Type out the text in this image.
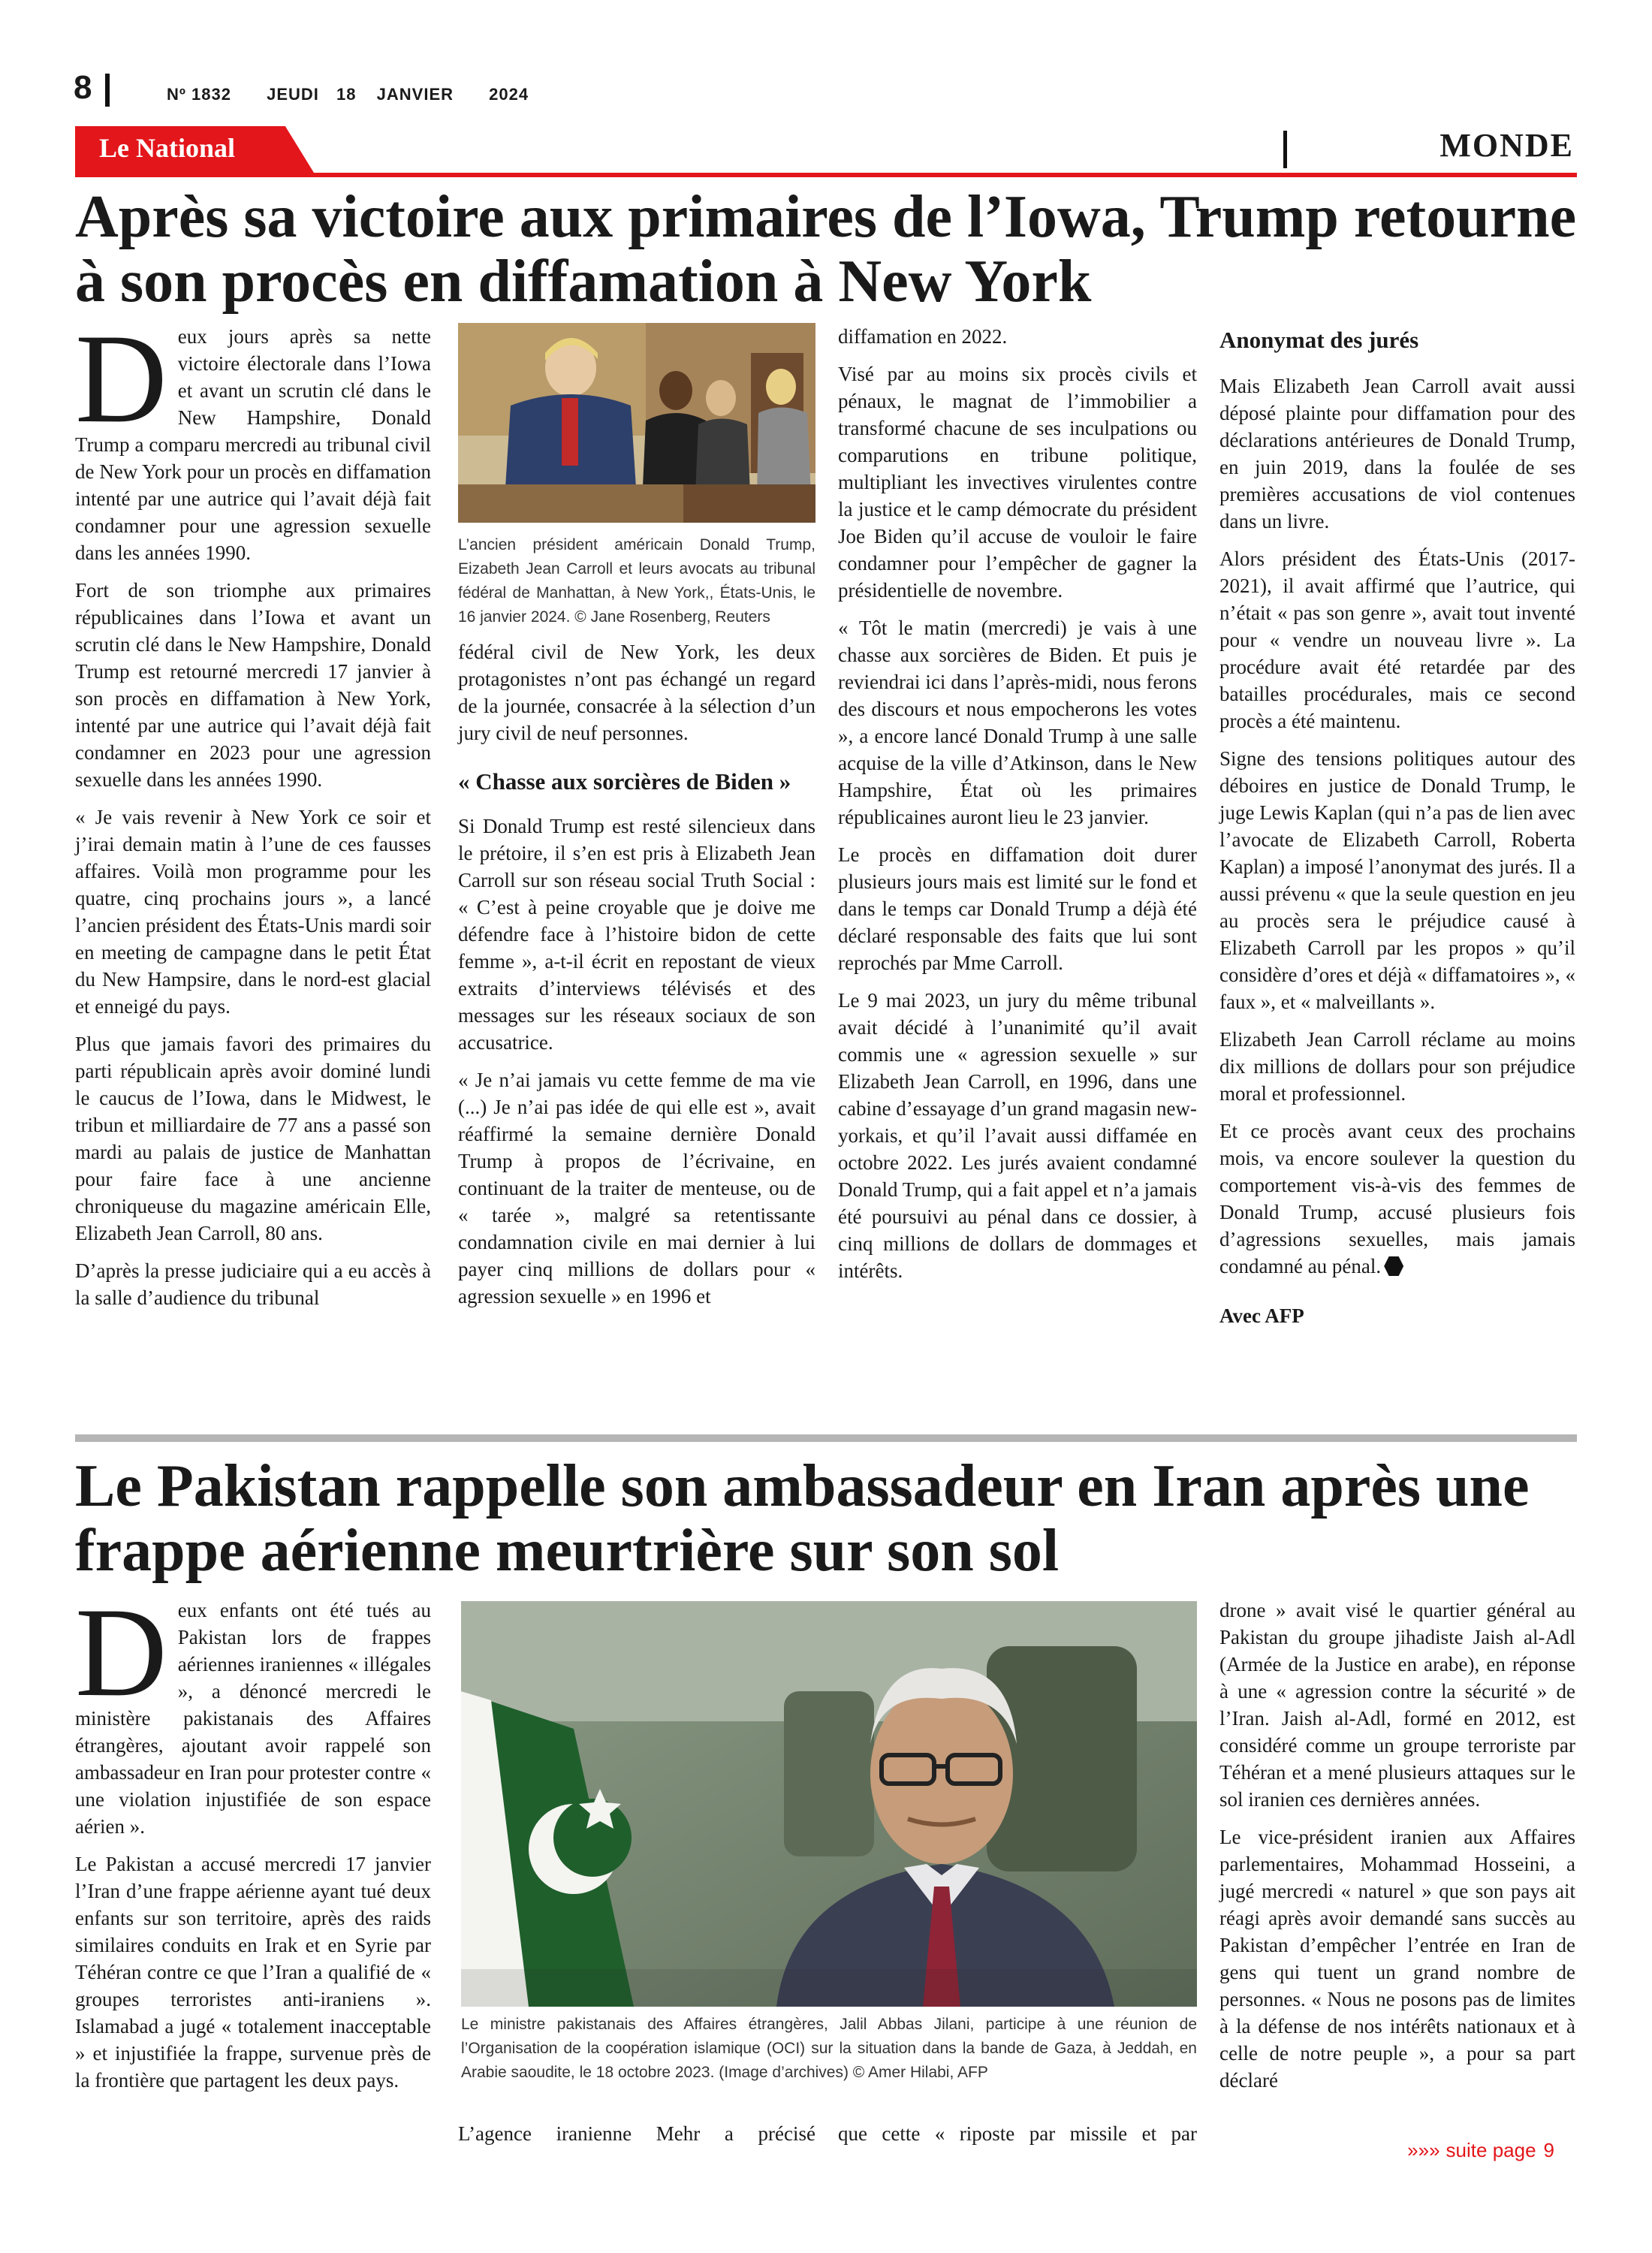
8	Nº 1832 JEUDI 18 JANVIER 2024
Le National	MONDE
Après sa victoire aux primaires de l’Iowa, Trump retourne à son procès en diffamation à New York

Deux jours après sa nette victoire électorale dans l’Iowa et avant un scrutin clé dans le New Hampshire, Donald Trump a comparu mercredi au tribunal civil de New York pour un procès en diffamation intenté par une autrice qui l’avait déjà fait condamner pour une agression sexuelle dans les années 1990.

Fort de son triomphe aux primaires républicaines dans l’Iowa et avant un scrutin clé dans le New Hampshire, Donald Trump est retourné mercredi 17 janvier à son procès en diffamation à New York, intenté par une autrice qui l’avait déjà fait condamner en 2023 pour une agression sexuelle dans les années 1990.

« Je vais revenir à New York ce soir et j’irai demain matin à l’une de ces fausses affaires. Voilà mon programme pour les quatre, cinq prochains jours », a lancé l’ancien président des États-Unis mardi soir en meeting de campagne dans le petit État du New Hampsire, dans le nord-est glacial et enneigé du pays.

Plus que jamais favori des primaires du parti républicain après avoir dominé lundi le caucus de l’Iowa, dans le Midwest, le tribun et milliardaire de 77 ans a passé son mardi au palais de justice de Manhattan pour faire face à une ancienne chroniqueuse du magazine américain Elle, Elizabeth Jean Carroll, 80 ans.

D’après la presse judiciaire qui a eu accès à la salle d’audience du tribunal

L’ancien président américain Donald Trump, Eizabeth Jean Carroll et leurs avocats au tribunal fédéral de Manhattan, à New York,, États-Unis, le 16 janvier 2024. © Jane Rosenberg, Reuters

fédéral civil de New York, les deux protagonistes n’ont pas échangé un regard de la journée, consacrée à la sélection d’un jury civil de neuf personnes.

« Chasse aux sorcières de Biden »

Si Donald Trump est resté silencieux dans le prétoire, il s’en est pris à Elizabeth Jean Carroll sur son réseau social Truth Social : « C’est à peine croyable que je doive me défendre face à l’histoire bidon de cette femme », a-t-il écrit en repostant de vieux extraits d’interviews télévisés et des messages sur les réseaux sociaux de son accusatrice.

« Je n’ai jamais vu cette femme de ma vie (...) Je n’ai pas idée de qui elle est », avait réaffirmé la semaine dernière Donald Trump à propos de l’écrivaine, en continuant de la traiter de menteuse, ou de « tarée », malgré sa retentissante condamnation civile en mai dernier à lui payer cinq millions de dollars pour « agression sexuelle » en 1996 et

diffamation en 2022.

Visé par au moins six procès civils et pénaux, le magnat de l’immobilier a transformé chacune de ses inculpations ou comparutions en tribune politique, multipliant les invectives virulentes contre la justice et le camp démocrate du président Joe Biden qu’il accuse de vouloir le faire condamner pour l’empêcher de gagner la présidentielle de novembre.

« Tôt le matin (mercredi) je vais à une chasse aux sorcières de Biden. Et puis je reviendrai ici dans l’après-midi, nous ferons des discours et nous empocherons les votes », a encore lancé Donald Trump à une salle acquise de la ville d’Atkinson, dans le New Hampshire, État où les primaires républicaines auront lieu le 23 janvier.

Le procès en diffamation doit durer plusieurs jours mais est limité sur le fond et dans le temps car Donald Trump a déjà été déclaré responsable des faits que lui sont reprochés par Mme Carroll.

Le 9 mai 2023, un jury du même tribunal avait décidé à l’unanimité qu’il avait commis une « agression sexuelle » sur Elizabeth Jean Carroll, en 1996, dans une cabine d’essayage d’un grand magasin new-yorkais, et qu’il l’avait aussi diffamée en octobre 2022. Les jurés avaient condamné Donald Trump, qui a fait appel et n’a jamais été poursuivi au pénal dans ce dossier, à cinq millions de dollars de dommages et intérêts.

Anonymat des jurés

Mais Elizabeth Jean Carroll avait aussi déposé plainte pour diffamation pour des déclarations antérieures de Donald Trump, en juin 2019, dans la foulée de ses premières accusations de viol contenues dans un livre.

Alors président des États-Unis (2017-2021), il avait affirmé que l’autrice, qui n’était « pas son genre », avait tout inventé pour « vendre un nouveau livre ». La procédure avait été retardée par des batailles procédurales, mais ce second procès a été maintenu.

Signe des tensions politiques autour des déboires en justice de Donald Trump, le juge Lewis Kaplan (qui n’a pas de lien avec l’avocate de Elizabeth Carroll, Roberta Kaplan) a imposé l’anonymat des jurés. Il a aussi prévenu « que la seule question en jeu au procès sera le préjudice causé à Elizabeth Carroll par les propos » qu’il considère d’ores et déjà « diffamatoires », « faux », et « malveillants ».

Elizabeth Jean Carroll réclame au moins dix millions de dollars pour son préjudice moral et professionnel.

Et ce procès avant ceux des prochains mois, va encore soulever la question du comportement vis-à-vis des femmes de Donald Trump, accusé plusieurs fois d’agressions sexuelles, mais jamais condamné au pénal.

Avec AFP

Le Pakistan rappelle son ambassadeur en Iran après une frappe aérienne meurtrière sur son sol

Deux enfants ont été tués au Pakistan lors de frappes aériennes iraniennes « illégales », a dénoncé mercredi le ministère pakistanais des Affaires étrangères, ajoutant avoir rappelé son ambassadeur en Iran pour protester contre « une violation injustifiée de son espace aérien ».

Le Pakistan a accusé mercredi 17 janvier l’Iran d’une frappe aérienne ayant tué deux enfants sur son territoire, après des raids similaires conduits en Irak et en Syrie par Téhéran contre ce que l’Iran a qualifié de « groupes terroristes anti-iraniens ». Islamabad a jugé « totalement inacceptable » et injustifiée la frappe, survenue près de la frontière que partagent les deux pays.

Le ministre pakistanais des Affaires étrangères, Jalil Abbas Jilani, participe à une réunion de l’Organisation de la coopération islamique (OCI) sur la situation dans la bande de Gaza, à Jeddah, en Arabie saoudite, le 18 octobre 2023. (Image d’archives) © Amer Hilabi, AFP

L’agence iranienne Mehr a précisé que cette « riposte par missile et par

drone » avait visé le quartier général au Pakistan du groupe jihadiste Jaish al-Adl (Armée de la Justice en arabe), en réponse à une « agression contre la sécurité » de l’Iran. Jaish al-Adl, formé en 2012, est considéré comme un groupe terroriste par Téhéran et a mené plusieurs attaques sur le sol iranien ces dernières années.

Le vice-président iranien aux Affaires parlementaires, Mohammad Hosseini, a jugé mercredi « naturel » que son pays ait réagi après avoir demandé sans succès au Pakistan d’empêcher l’entrée en Iran de gens qui tuent un grand nombre de personnes. « Nous ne posons pas de limites à la défense de nos intérêts nationaux et à celle de notre peuple », a pour sa part déclaré

»»» suite page 9
